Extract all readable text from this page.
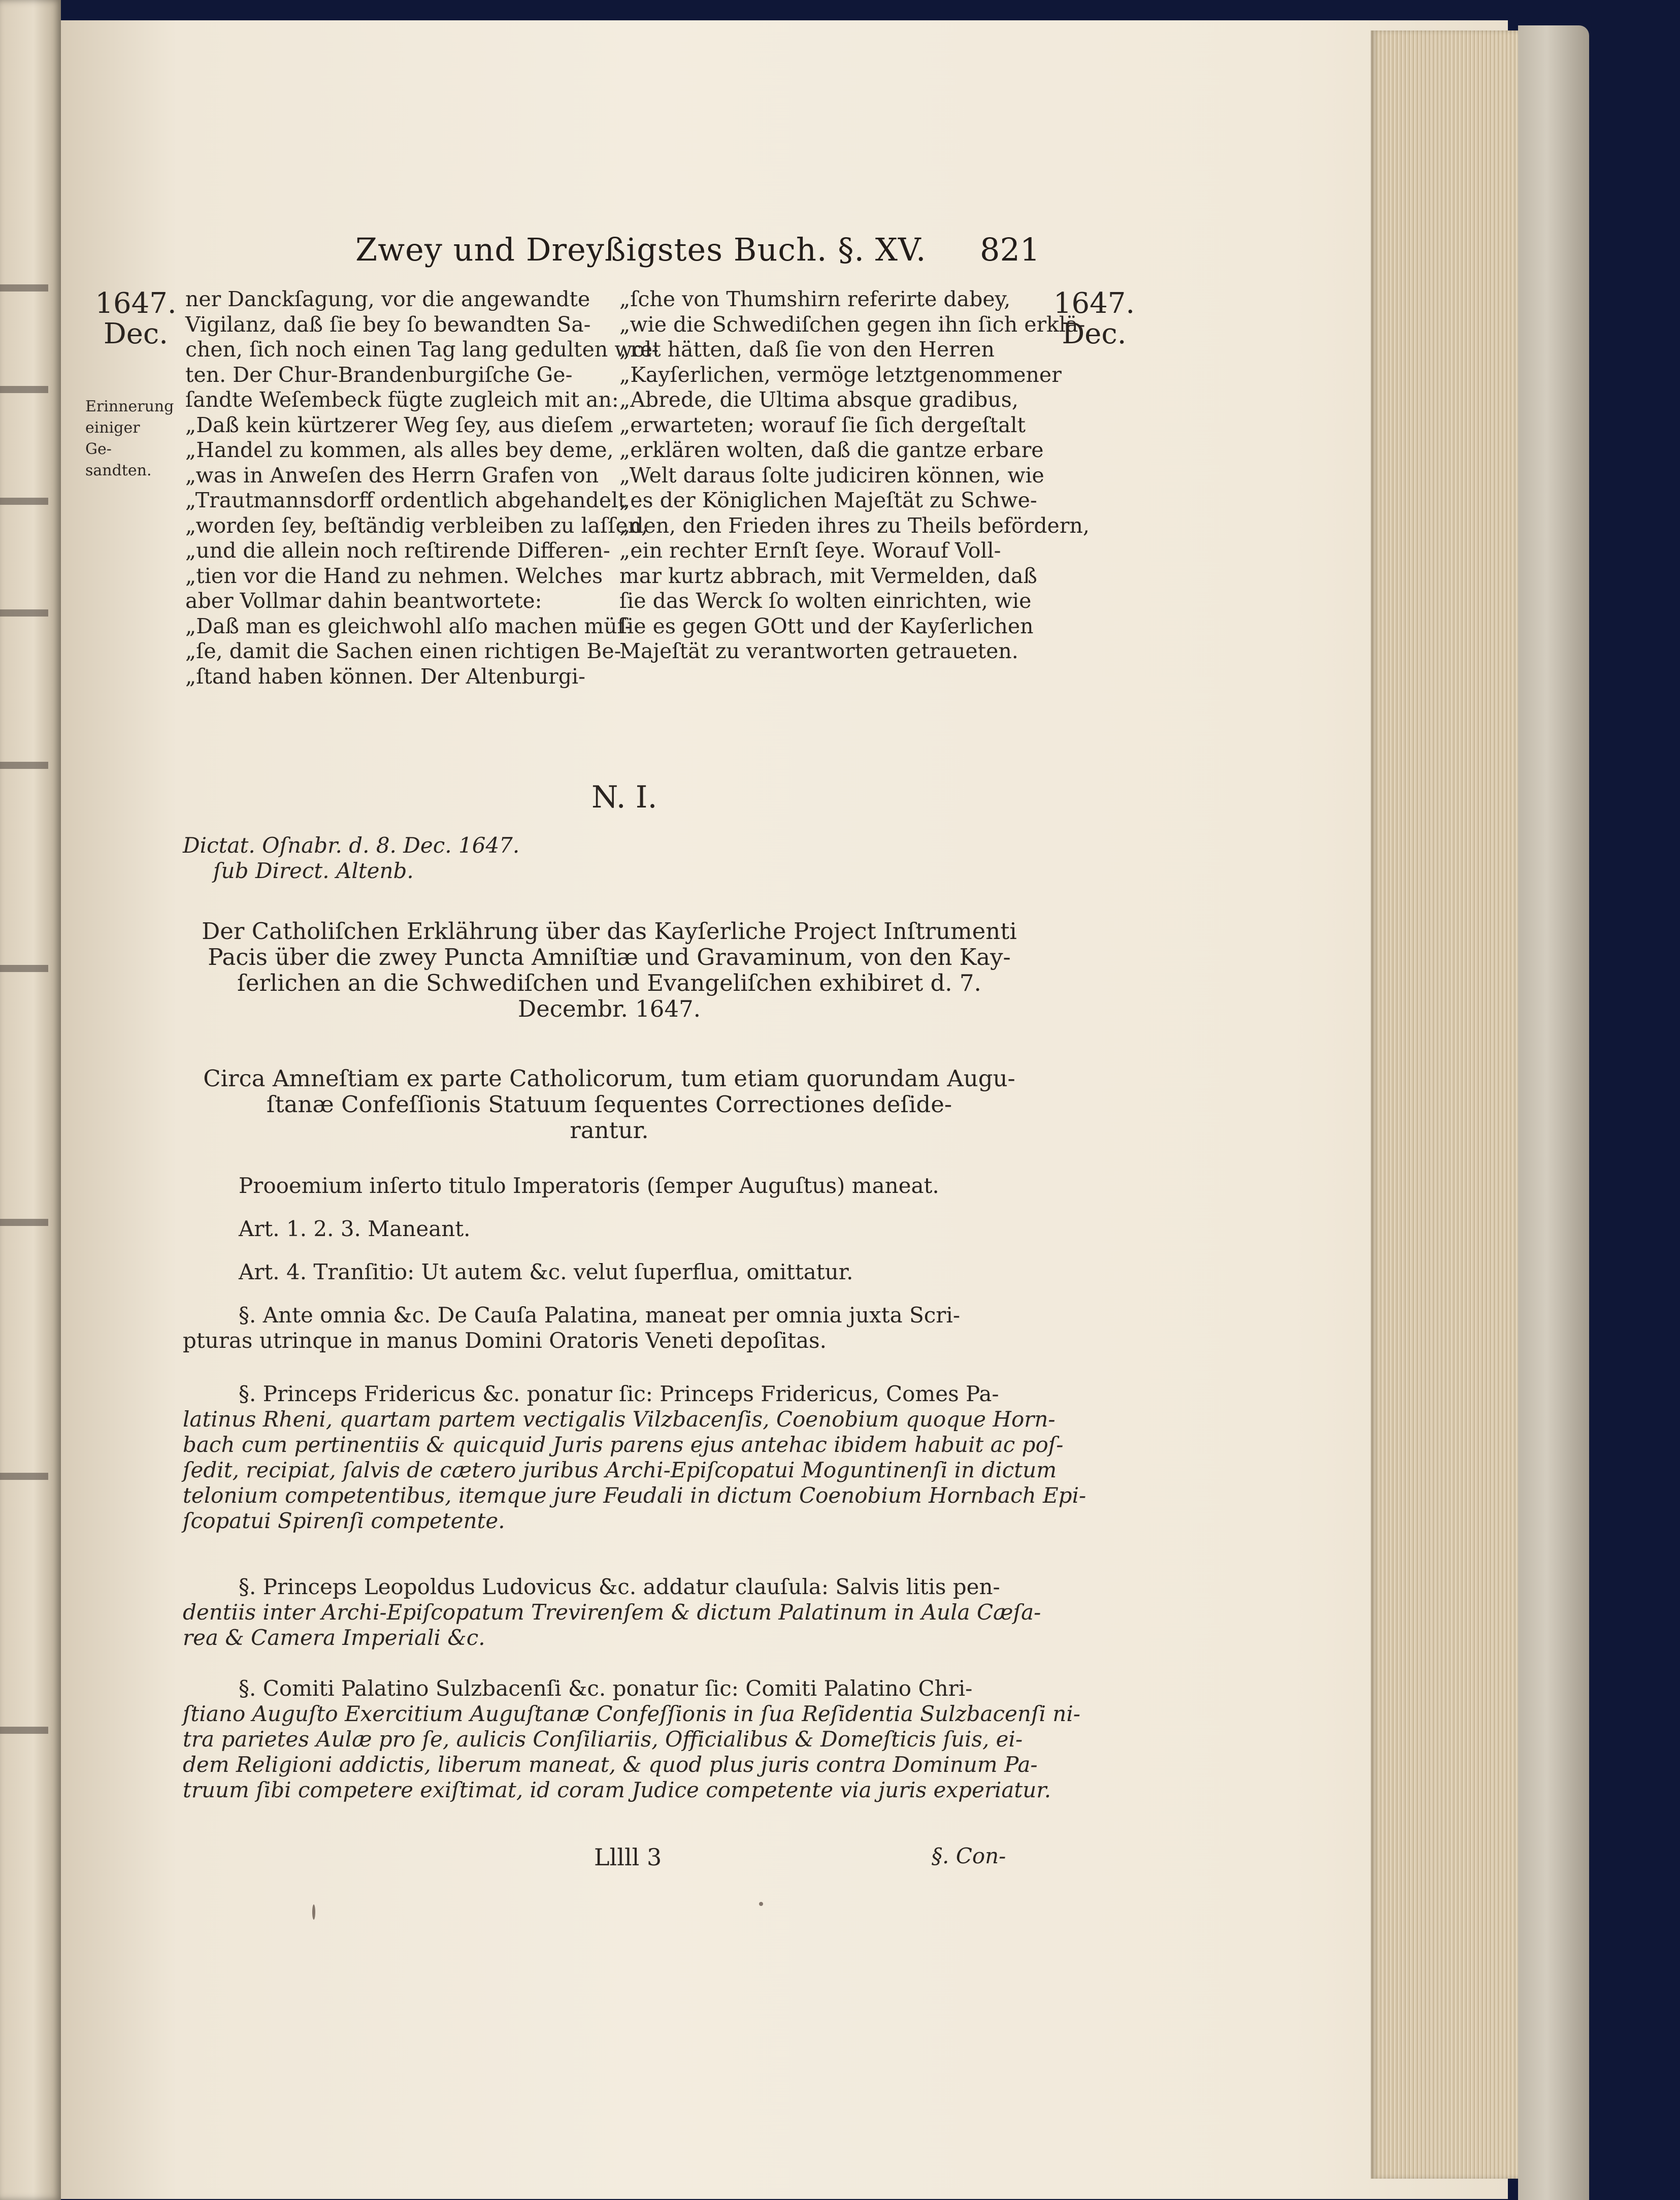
Zwey und Dreyßigstes Buch. §. XV. 821
1647.
Dec.
1647.
Dec.
Erinnerung
einiger Ge-
sandten.
ner Danckſagung, vor die angewandte
Vigilanz, daß ſie bey ſo bewandten Sa-
chen, ſich noch einen Tag lang gedulten wol-
ten. Der Chur-Brandenburgiſche Ge-
ſandte Weſembeck fügte zugleich mit an:
„Daß kein kürtzerer Weg ſey, aus dieſem
„Handel zu kommen, als alles bey deme,
„was in Anweſen des Herrn Grafen von
„Trautmannsdorff ordentlich abgehandelt
„worden ſey, beſtändig verbleiben zu laſſen,
„und die allein noch reſtirende Differen-
„tien vor die Hand zu nehmen. Welches
aber Vollmar dahin beantwortete:
„Daß man es gleichwohl alſo machen müſ-
„ſe, damit die Sachen einen richtigen Be-
„ſtand haben können. Der Altenburgi-
„ſche von Thumshirn referirte dabey,
„wie die Schwediſchen gegen ihn ſich erklä-
„ret hätten, daß ſie von den Herren
„Kayſerlichen, vermöge letztgenommener
„Abrede, die Ultima absque gradibus,
„erwarteten; worauf ſie ſich dergeſtalt
„erklären wolten, daß die gantze erbare
„Welt daraus ſolte judiciren können, wie
„es der Königlichen Majeſtät zu Schwe-
„den, den Frieden ihres zu Theils befördern,
„ein rechter Ernſt ſeye. Worauf Voll-
mar kurtz abbrach, mit Vermelden, daß
ſie das Werck ſo wolten einrichten, wie
ſie es gegen GOtt und der Kayſerlichen
Majeſtät zu verantworten getraueten.
N. I.
Dictat. Oſnabr. d. 8. Dec. 1647.
ſub Direct. Altenb.
Der Catholiſchen Erklährung über das Kayſerliche Project Inſtrumenti
Pacis über die zwey Puncta Amniſtiæ und Gravaminum, von den Kay-
ſerlichen an die Schwediſchen und Evangeliſchen exhibiret d. 7.
Decembr. 1647.
Circa Amneſtiam ex parte Catholicorum, tum etiam quorundam Augu-
ſtanæ Confeſſionis Statuum ſequentes Correctiones deſide-
rantur.
Prooemium inſerto titulo Imperatoris (ſemper Auguſtus) maneat.
Art. 1. 2. 3. Maneant.
Art. 4. Tranſitio: Ut autem &c. velut ſuperflua, omittatur.
§. Ante omnia &c. De Cauſa Palatina, maneat per omnia juxta Scri-
pturas utrinque in manus Domini Oratoris Veneti depoſitas.
§. Princeps Fridericus &c. ponatur ſic: Princeps Fridericus, Comes Pa-
latinus Rheni, quartam partem vectigalis Vilzbacenſis, Coenobium quoque Horn-
bach cum pertinentiis & quicquid Juris parens ejus antehac ibidem habuit ac poſ-
ſedit, recipiat, ſalvis de cætero juribus Archi-Epiſcopatui Moguntinenſi in dictum
telonium competentibus, itemque jure Feudali in dictum Coenobium Hornbach Epi-
ſcopatui Spirenſi competente.
§. Princeps Leopoldus Ludovicus &c. addatur clauſula: Salvis litis pen-
dentiis inter Archi-Epiſcopatum Trevirenſem & dictum Palatinum in Aula Cæſa-
rea & Camera Imperiali &c.
§. Comiti Palatino Sulzbacenſi &c. ponatur ſic: Comiti Palatino Chri-
ſtiano Auguſto Exercitium Auguſtanæ Confeſſionis in ſua Reſidentia Sulzbacenſi ni-
tra parietes Aulæ pro ſe, aulicis Conſiliariis, Officialibus & Domeſticis ſuis, ei-
dem Religioni addictis, liberum maneat, & quod plus juris contra Dominum Pa-
truum ſibi competere exiſtimat, id coram Judice competente via juris experiatur.
Lllll 3	§. Con-
